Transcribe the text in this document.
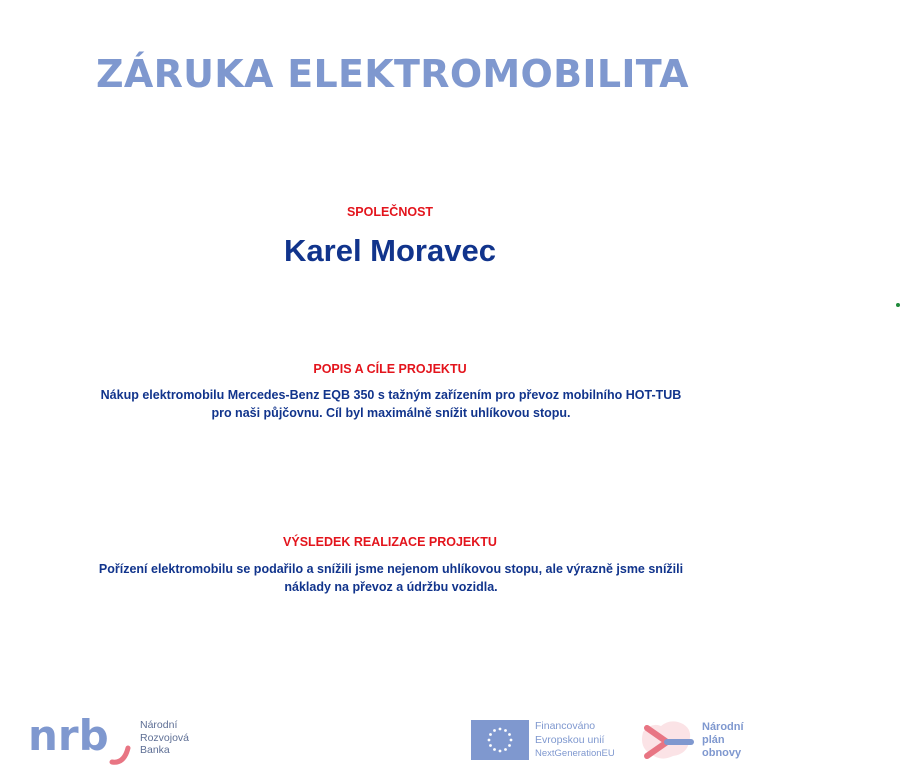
ZÁRUKA ELEKTROMOBILITA
SPOLEČNOST
Karel Moravec
POPIS A CÍLE PROJEKTU
Nákup elektromobilu Mercedes-Benz EQB 350 s tažným zařízením pro převoz mobilního HOT-TUB
pro naši půjčovnu. Cíl byl maximálně snížit uhlíkovou stopu.
VÝSLEDEK REALIZACE PROJEKTU
Pořízení elektromobilu se podařilo a snížili jsme nejenom uhlíkovou stopu, ale výrazně jsme snížili
náklady na převoz a údržbu vozidla.
nrb	Národní
Rozvojová
Banka
Financováno
Evropskou unií
NextGenerationEU
Národní
plán
obnovy
